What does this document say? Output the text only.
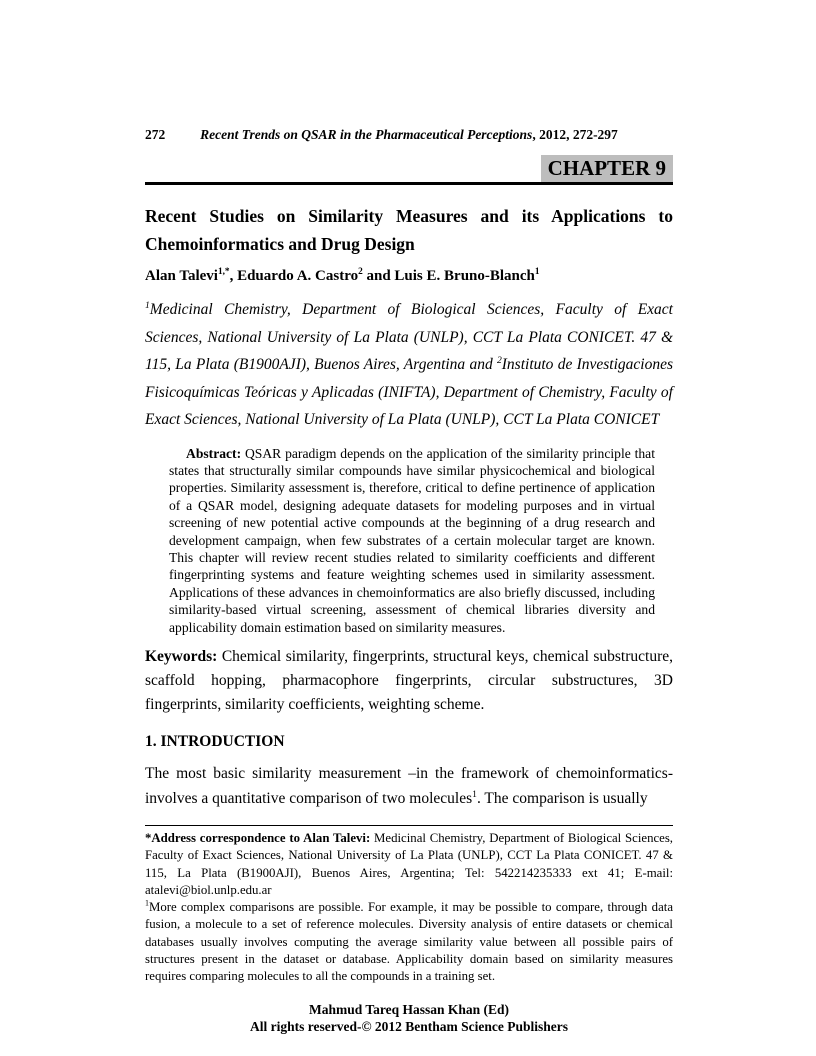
272	Recent Trends on QSAR in the Pharmaceutical Perceptions, 2012, 272-297
CHAPTER 9
Recent Studies on Similarity Measures and its Applications to Chemoinformatics and Drug Design
Alan Talevi$^{1,*}$, Eduardo A. Castro$^2$ and Luis E. Bruno-Blanch$^1$
$^1$Medicinal Chemistry, Department of Biological Sciences, Faculty of Exact Sciences, National University of La Plata (UNLP), CCT La Plata CONICET. 47 & 115, La Plata (B1900AJI), Buenos Aires, Argentina and $^2$Instituto de Investigaciones Fisicoquímicas Teóricas y Aplicadas (INIFTA), Department of Chemistry, Faculty of Exact Sciences, National University of La Plata (UNLP), CCT La Plata CONICET
Abstract: QSAR paradigm depends on the application of the similarity principle that states that structurally similar compounds have similar physicochemical and biological properties. Similarity assessment is, therefore, critical to define pertinence of application of a QSAR model, designing adequate datasets for modeling purposes and in virtual screening of new potential active compounds at the beginning of a drug research and development campaign, when few substrates of a certain molecular target are known. This chapter will review recent studies related to similarity coefficients and different fingerprinting systems and feature weighting schemes used in similarity assessment. Applications of these advances in chemoinformatics are also briefly discussed, including similarity-based virtual screening, assessment of chemical libraries diversity and applicability domain estimation based on similarity measures.
Keywords: Chemical similarity, fingerprints, structural keys, chemical substructure, scaffold hopping, pharmacophore fingerprints, circular substructures, 3D fingerprints, similarity coefficients, weighting scheme.
1. INTRODUCTION
The most basic similarity measurement –in the framework of chemoinformatics- involves a quantitative comparison of two molecules$^1$. The comparison is usually
*Address correspondence to Alan Talevi: Medicinal Chemistry, Department of Biological Sciences, Faculty of Exact Sciences, National University of La Plata (UNLP), CCT La Plata CONICET. 47 & 115, La Plata (B1900AJI), Buenos Aires, Argentina; Tel: 542214235333 ext 41; E-mail: atalevi@biol.unlp.edu.ar
$^1$More complex comparisons are possible. For example, it may be possible to compare, through data fusion, a molecule to a set of reference molecules. Diversity analysis of entire datasets or chemical databases usually involves computing the average similarity value between all possible pairs of structures present in the dataset or database. Applicability domain based on similarity measures requires comparing molecules to all the compounds in a training set.
Mahmud Tareq Hassan Khan (Ed)
All rights reserved-© 2012 Bentham Science Publishers
